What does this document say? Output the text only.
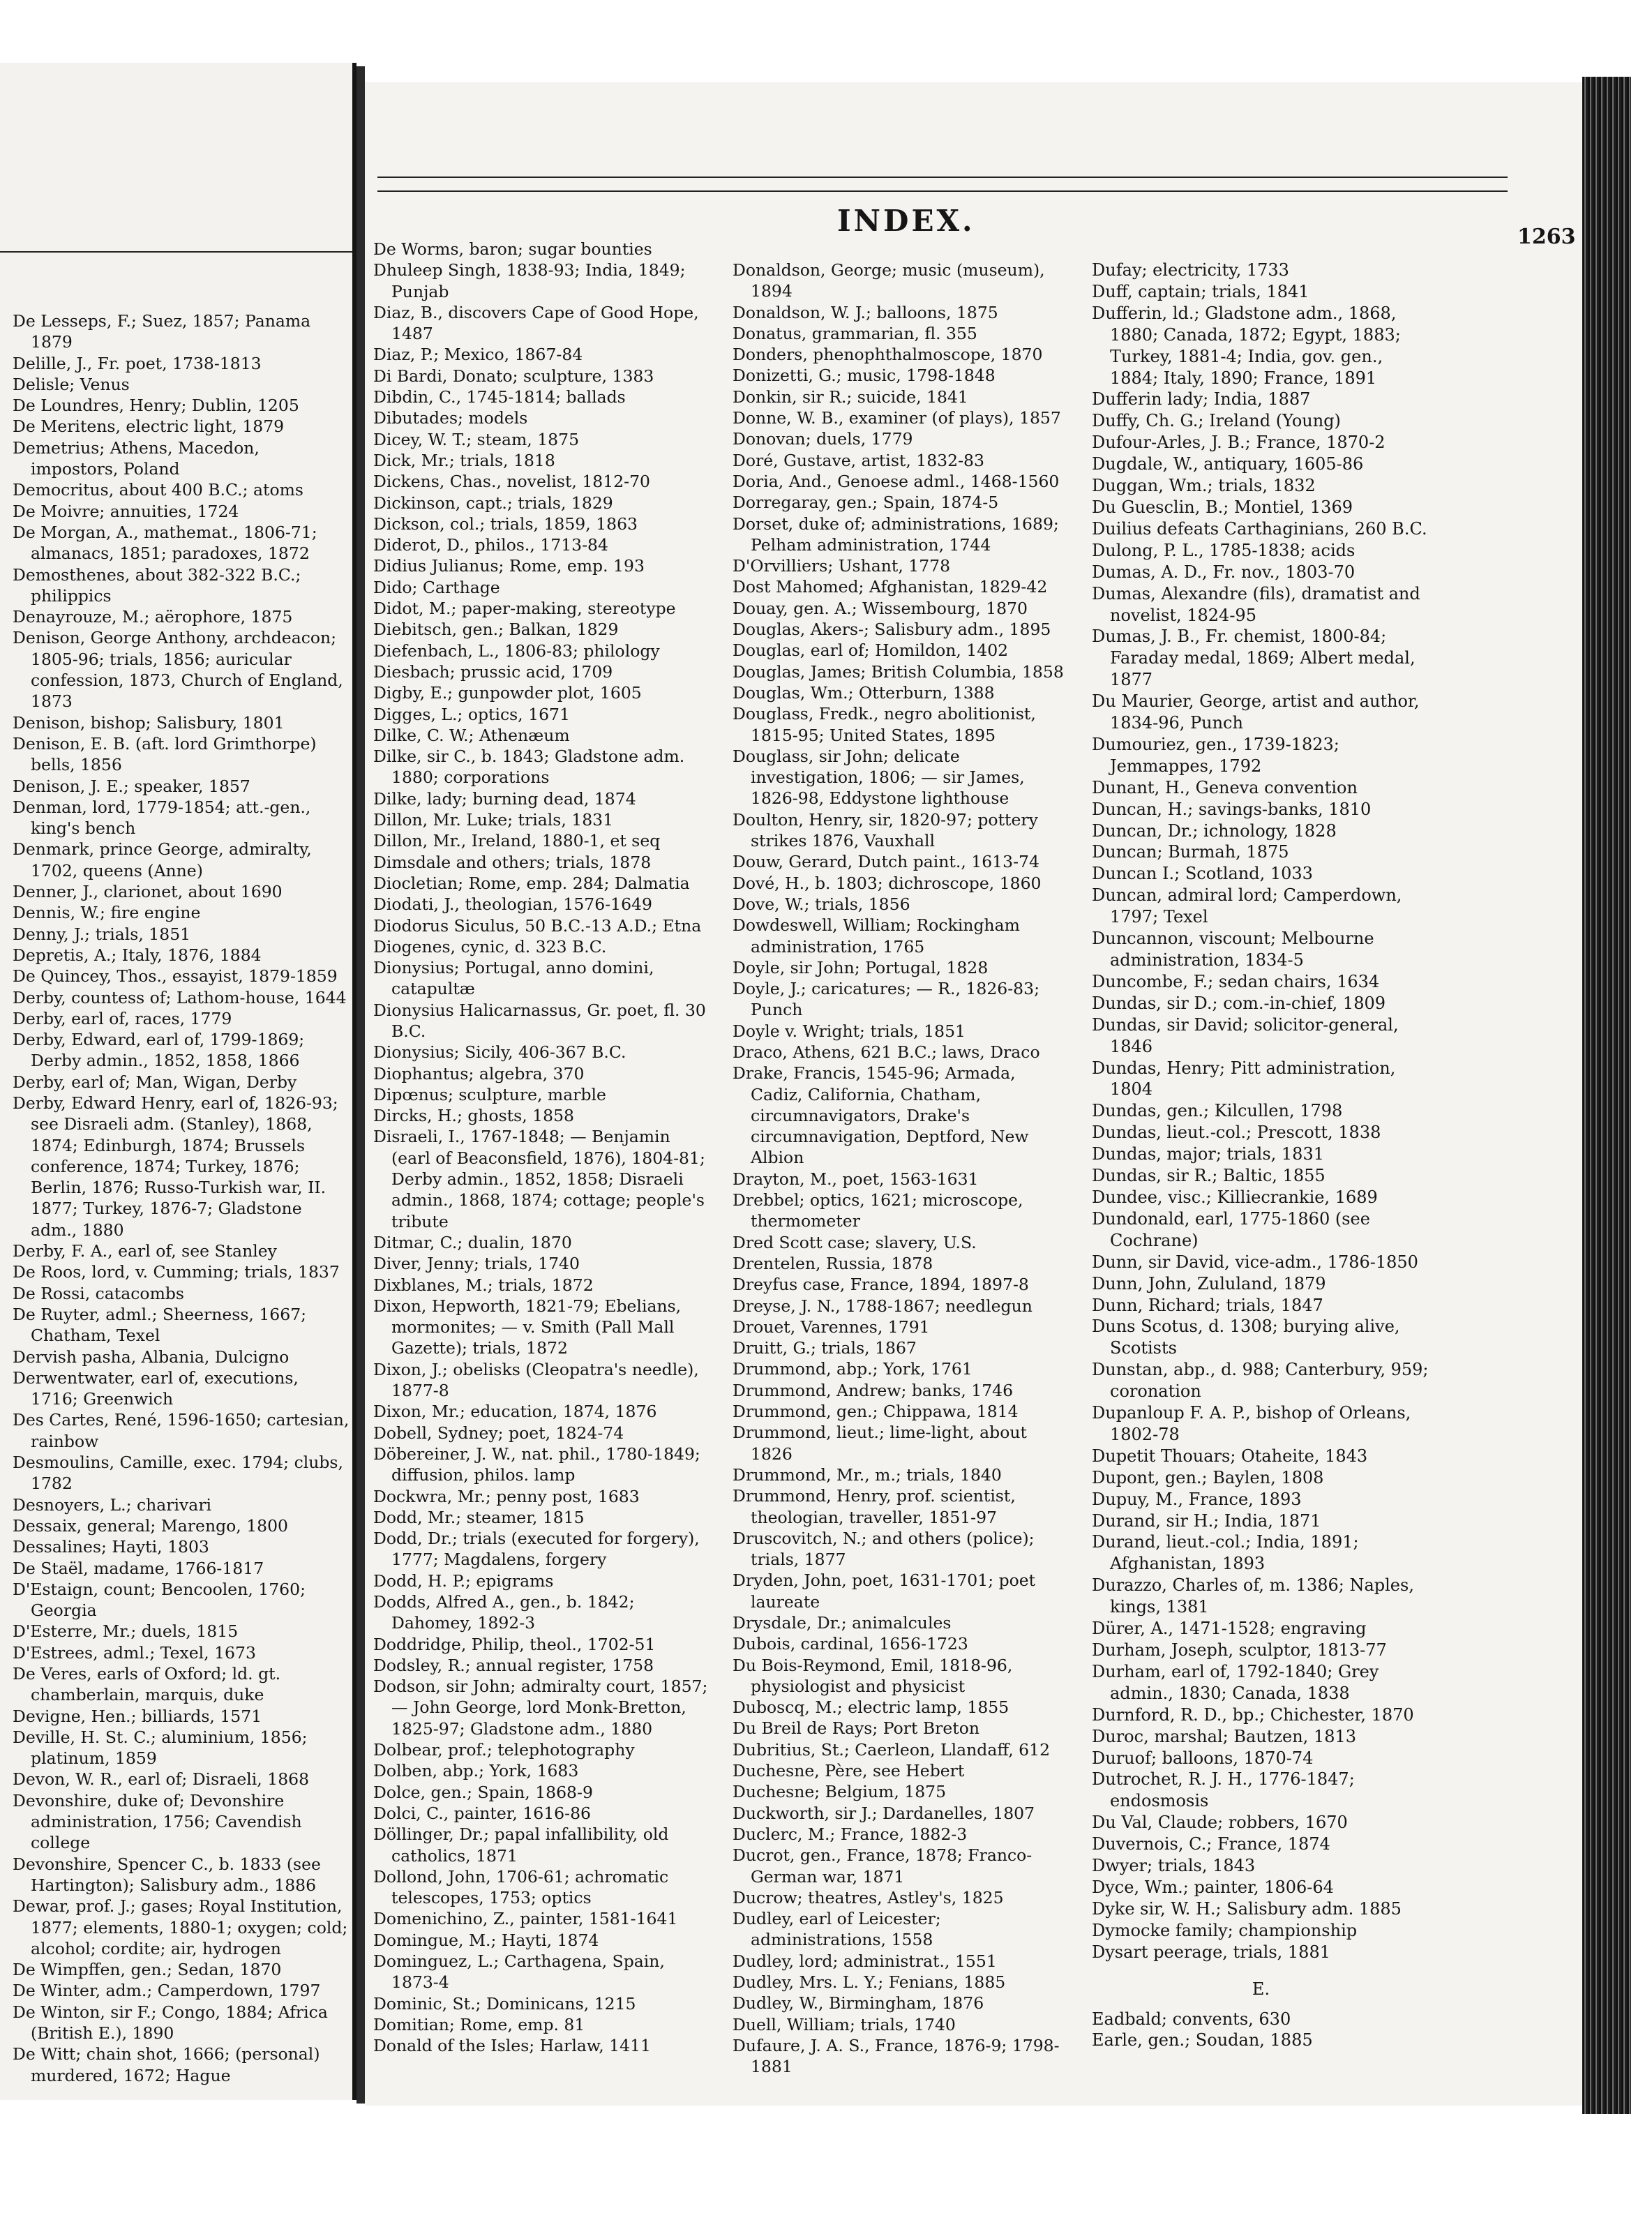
De Lesseps, F.; Suez, 1857; Panama 1879
Delille, J., Fr. poet, 1738-1813
Delisle; Venus
De Loundres, Henry; Dublin, 1205
De Meritens, electric light, 1879
Demetrius; Athens, Macedon, impostors, Poland
Democritus, about 400 B.C.; atoms
De Moivre; annuities, 1724
De Morgan, A., mathemat., 1806-71; almanacs, 1851; paradoxes, 1872
Demosthenes, about 382-322 B.C.; philippics
Denayrouze, M.; aërophore, 1875
Denison, George Anthony, archdeacon; 1805-96; trials, 1856; auricular confession, 1873, Church of England, 1873
Denison, bishop; Salisbury, 1801
Denison, E. B. (aft. lord Grimthorpe) bells, 1856
Denison, J. E.; speaker, 1857
Denman, lord, 1779-1854; att.-gen., king's bench
Denmark, prince George, admiralty, 1702, queens (Anne)
Denner, J., clarionet, about 1690
Dennis, W.; fire engine
Denny, J.; trials, 1851
Depretis, A.; Italy, 1876, 1884
De Quincey, Thos., essayist, 1879-1859
Derby, countess of; Lathom-house, 1644
Derby, earl of, races, 1779
Derby, Edward, earl of, 1799-1869; Derby admin., 1852, 1858, 1866
Derby, earl of; Man, Wigan, Derby
Derby, Edward Henry, earl of, 1826-93; see Disraeli adm. (Stanley), 1868, 1874; Edinburgh, 1874; Brussels conference, 1874; Turkey, 1876; Berlin, 1876; Russo-Turkish war, II. 1877; Turkey, 1876-7; Gladstone adm., 1880
Derby, F. A., earl of, see Stanley
De Roos, lord, v. Cumming; trials, 1837
De Rossi, catacombs
De Ruyter, adml.; Sheerness, 1667; Chatham, Texel
Dervish pasha, Albania, Dulcigno
Derwentwater, earl of, executions, 1716; Greenwich
Des Cartes, René, 1596-1650; cartesian, rainbow
Desmoulins, Camille, exec. 1794; clubs, 1782
Desnoyers, L.; charivari
Dessaix, general; Marengo, 1800
Dessalines; Hayti, 1803
De Staël, madame, 1766-1817
D'Estaign, count; Bencoolen, 1760; Georgia
D'Esterre, Mr.; duels, 1815
D'Estrees, adml.; Texel, 1673
De Veres, earls of Oxford; ld. gt. chamberlain, marquis, duke
Devigne, Hen.; billiards, 1571
Deville, H. St. C.; aluminium, 1856; platinum, 1859
Devon, W. R., earl of; Disraeli, 1868
Devonshire, duke of; Devonshire administration, 1756; Cavendish college
Devonshire, Spencer C., b. 1833 (see Hartington); Salisbury adm., 1886
Dewar, prof. J.; gases; Royal Institution, 1877; elements, 1880-1; oxygen; cold; alcohol; cordite; air, hydrogen
De Wimpffen, gen.; Sedan, 1870
De Winter, adm.; Camperdown, 1797
De Winton, sir F.; Congo, 1884; Africa (British E.), 1890
De Witt; chain shot, 1666; (personal) murdered, 1672; Hague
INDEX.	1263
De Worms, baron; sugar bounties
Dhuleep Singh, 1838-93; India, 1849; Punjab
Diaz, B., discovers Cape of Good Hope, 1487
Diaz, P.; Mexico, 1867-84
Di Bardi, Donato; sculpture, 1383
Dibdin, C., 1745-1814; ballads
Dibutades; models
Dicey, W. T.; steam, 1875
Dick, Mr.; trials, 1818
Dickens, Chas., novelist, 1812-70
Dickinson, capt.; trials, 1829
Dickson, col.; trials, 1859, 1863
Diderot, D., philos., 1713-84
Didius Julianus; Rome, emp. 193
Dido; Carthage
Didot, M.; paper-making, stereotype
Diebitsch, gen.; Balkan, 1829
Diefenbach, L., 1806-83; philology
Diesbach; prussic acid, 1709
Digby, E.; gunpowder plot, 1605
Digges, L.; optics, 1671
Dilke, C. W.; Athenæum
Dilke, sir C., b. 1843; Gladstone adm. 1880; corporations
Dilke, lady; burning dead, 1874
Dillon, Mr. Luke; trials, 1831
Dillon, Mr., Ireland, 1880-1, et seq
Dimsdale and others; trials, 1878
Diocletian; Rome, emp. 284; Dalmatia
Diodati, J., theologian, 1576-1649
Diodorus Siculus, 50 B.C.-13 A.D.; Etna
Diogenes, cynic, d. 323 B.C.
Dionysius; Portugal, anno domini, catapultæ
Dionysius Halicarnassus, Gr. poet, fl. 30 B.C.
Dionysius; Sicily, 406-367 B.C.
Diophantus; algebra, 370
Dipœnus; sculpture, marble
Dircks, H.; ghosts, 1858
Disraeli, I., 1767-1848; — Benjamin (earl of Beaconsfield, 1876), 1804-81; Derby admin., 1852, 1858; Disraeli admin., 1868, 1874; cottage; people's tribute
Ditmar, C.; dualin, 1870
Diver, Jenny; trials, 1740
Dixblanes, M.; trials, 1872
Dixon, Hepworth, 1821-79; Ebelians, mormonites; — v. Smith (Pall Mall Gazette); trials, 1872
Dixon, J.; obelisks (Cleopatra's needle), 1877-8
Dixon, Mr.; education, 1874, 1876
Dobell, Sydney; poet, 1824-74
Döbereiner, J. W., nat. phil., 1780-1849; diffusion, philos. lamp
Dockwra, Mr.; penny post, 1683
Dodd, Mr.; steamer, 1815
Dodd, Dr.; trials (executed for forgery), 1777; Magdalens, forgery
Dodd, H. P.; epigrams
Dodds, Alfred A., gen., b. 1842; Dahomey, 1892-3
Doddridge, Philip, theol., 1702-51
Dodsley, R.; annual register, 1758
Dodson, sir John; admiralty court, 1857; — John George, lord Monk-Bretton, 1825-97; Gladstone adm., 1880
Dolbear, prof.; telephotography
Dolben, abp.; York, 1683
Dolce, gen.; Spain, 1868-9
Dolci, C., painter, 1616-86
Döllinger, Dr.; papal infallibility, old catholics, 1871
Dollond, John, 1706-61; achromatic telescopes, 1753; optics
Domenichino, Z., painter, 1581-1641
Domingue, M.; Hayti, 1874
Dominguez, L.; Carthagena, Spain, 1873-4
Dominic, St.; Dominicans, 1215
Domitian; Rome, emp. 81
Donald of the Isles; Harlaw, 1411
Donaldson, George; music (museum), 1894
Donaldson, W. J.; balloons, 1875
Donatus, grammarian, fl. 355
Donders, phenophthalmoscope, 1870
Donizetti, G.; music, 1798-1848
Donkin, sir R.; suicide, 1841
Donne, W. B., examiner (of plays), 1857
Donovan; duels, 1779
Doré, Gustave, artist, 1832-83
Doria, And., Genoese adml., 1468-1560
Dorregaray, gen.; Spain, 1874-5
Dorset, duke of; administrations, 1689; Pelham administration, 1744
D'Orvilliers; Ushant, 1778
Dost Mahomed; Afghanistan, 1829-42
Douay, gen. A.; Wissembourg, 1870
Douglas, Akers-; Salisbury adm., 1895
Douglas, earl of; Homildon, 1402
Douglas, James; British Columbia, 1858
Douglas, Wm.; Otterburn, 1388
Douglass, Fredk., negro abolitionist, 1815-95; United States, 1895
Douglass, sir John; delicate investigation, 1806; — sir James, 1826-98, Eddystone lighthouse
Doulton, Henry, sir, 1820-97; pottery strikes 1876, Vauxhall
Douw, Gerard, Dutch paint., 1613-74
Dové, H., b. 1803; dichroscope, 1860
Dove, W.; trials, 1856
Dowdeswell, William; Rockingham administration, 1765
Doyle, sir John; Portugal, 1828
Doyle, J.; caricatures; — R., 1826-83; Punch
Doyle v. Wright; trials, 1851
Draco, Athens, 621 B.C.; laws, Draco
Drake, Francis, 1545-96; Armada, Cadiz, California, Chatham, circumnavigators, Drake's circumnavigation, Deptford, New Albion
Drayton, M., poet, 1563-1631
Drebbel; optics, 1621; microscope, thermometer
Dred Scott case; slavery, U.S.
Drentelen, Russia, 1878
Dreyfus case, France, 1894, 1897-8
Dreyse, J. N., 1788-1867; needlegun
Drouet, Varennes, 1791
Druitt, G.; trials, 1867
Drummond, abp.; York, 1761
Drummond, Andrew; banks, 1746
Drummond, gen.; Chippawa, 1814
Drummond, lieut.; lime-light, about 1826
Drummond, Mr., m.; trials, 1840
Drummond, Henry, prof. scientist, theologian, traveller, 1851-97
Druscovitch, N.; and others (police); trials, 1877
Dryden, John, poet, 1631-1701; poet laureate
Drysdale, Dr.; animalcules
Dubois, cardinal, 1656-1723
Du Bois-Reymond, Emil, 1818-96, physiologist and physicist
Duboscq, M.; electric lamp, 1855
Du Breil de Rays; Port Breton
Dubritius, St.; Caerleon, Llandaff, 612
Duchesne, Père, see Hebert
Duchesne; Belgium, 1875
Duckworth, sir J.; Dardanelles, 1807
Duclerc, M.; France, 1882-3
Ducrot, gen., France, 1878; Franco-German war, 1871
Ducrow; theatres, Astley's, 1825
Dudley, earl of Leicester; administrations, 1558
Dudley, lord; administrat., 1551
Dudley, Mrs. L. Y.; Fenians, 1885
Dudley, W., Birmingham, 1876
Duell, William; trials, 1740
Dufaure, J. A. S., France, 1876-9; 1798-1881
Dufay; electricity, 1733
Duff, captain; trials, 1841
Dufferin, ld.; Gladstone adm., 1868, 1880; Canada, 1872; Egypt, 1883; Turkey, 1881-4; India, gov. gen., 1884; Italy, 1890; France, 1891
Dufferin lady; India, 1887
Duffy, Ch. G.; Ireland (Young)
Dufour-Arles, J. B.; France, 1870-2
Dugdale, W., antiquary, 1605-86
Duggan, Wm.; trials, 1832
Du Guesclin, B.; Montiel, 1369
Duilius defeats Carthaginians, 260 B.C.
Dulong, P. L., 1785-1838; acids
Dumas, A. D., Fr. nov., 1803-70
Dumas, Alexandre (fils), dramatist and novelist, 1824-95
Dumas, J. B., Fr. chemist, 1800-84; Faraday medal, 1869; Albert medal, 1877
Du Maurier, George, artist and author, 1834-96, Punch
Dumouriez, gen., 1739-1823; Jemmappes, 1792
Dunant, H., Geneva convention
Duncan, H.; savings-banks, 1810
Duncan, Dr.; ichnology, 1828
Duncan; Burmah, 1875
Duncan I.; Scotland, 1033
Duncan, admiral lord; Camperdown, 1797; Texel
Duncannon, viscount; Melbourne administration, 1834-5
Duncombe, F.; sedan chairs, 1634
Dundas, sir D.; com.-in-chief, 1809
Dundas, sir David; solicitor-general, 1846
Dundas, Henry; Pitt administration, 1804
Dundas, gen.; Kilcullen, 1798
Dundas, lieut.-col.; Prescott, 1838
Dundas, major; trials, 1831
Dundas, sir R.; Baltic, 1855
Dundee, visc.; Killiecrankie, 1689
Dundonald, earl, 1775-1860 (see Cochrane)
Dunn, sir David, vice-adm., 1786-1850
Dunn, John, Zululand, 1879
Dunn, Richard; trials, 1847
Duns Scotus, d. 1308; burying alive, Scotists
Dunstan, abp., d. 988; Canterbury, 959; coronation
Dupanloup F. A. P., bishop of Orleans, 1802-78
Dupetit Thouars; Otaheite, 1843
Dupont, gen.; Baylen, 1808
Dupuy, M., France, 1893
Durand, sir H.; India, 1871
Durand, lieut.-col.; India, 1891; Afghanistan, 1893
Durazzo, Charles of, m. 1386; Naples, kings, 1381
Dürer, A., 1471-1528; engraving
Durham, Joseph, sculptor, 1813-77
Durham, earl of, 1792-1840; Grey admin., 1830; Canada, 1838
Durnford, R. D., bp.; Chichester, 1870
Duroc, marshal; Bautzen, 1813
Duruof; balloons, 1870-74
Dutrochet, R. J. H., 1776-1847; endosmosis
Du Val, Claude; robbers, 1670
Duvernois, C.; France, 1874
Dwyer; trials, 1843
Dyce, Wm.; painter, 1806-64
Dyke sir, W. H.; Salisbury adm. 1885
Dymocke family; championship
Dysart peerage, trials, 1881
E.
Eadbald; convents, 630
Earle, gen.; Soudan, 1885
